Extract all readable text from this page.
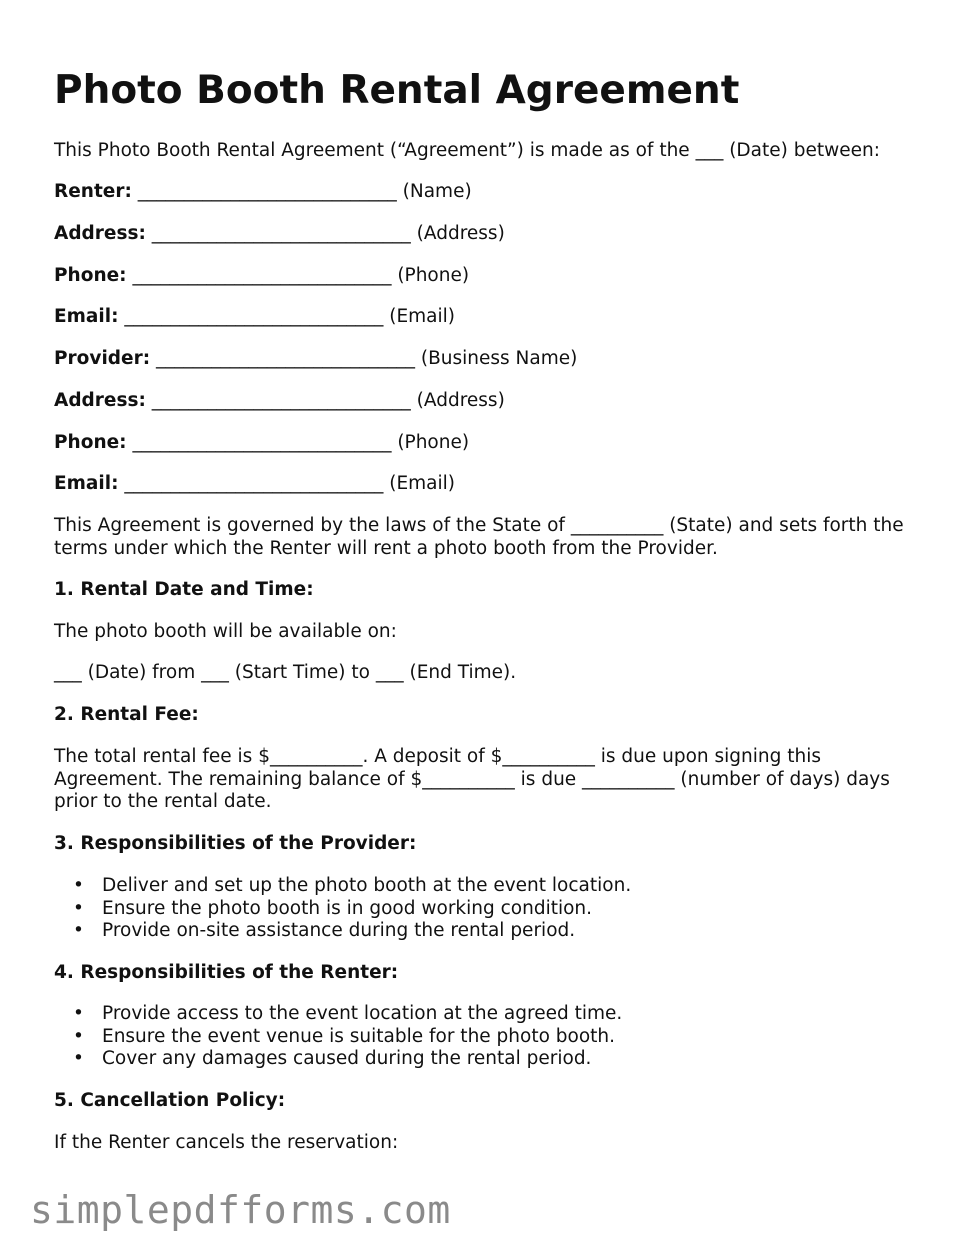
Photo Booth Rental Agreement
This Photo Booth Rental Agreement (“Agreement”) is made as of the ___ (Date) between:
Renter: ____________________________ (Name)
Address: ____________________________ (Address)
Phone: ____________________________ (Phone)
Email: ____________________________ (Email)
Provider: ____________________________ (Business Name)
Address: ____________________________ (Address)
Phone: ____________________________ (Phone)
Email: ____________________________ (Email)
This Agreement is governed by the laws of the State of __________ (State) and sets forth the terms under which the Renter will rent a photo booth from the Provider.
1. Rental Date and Time:
The photo booth will be available on:
___ (Date) from ___ (Start Time) to ___ (End Time).
2. Rental Fee:
The total rental fee is $__________. A deposit of $__________ is due upon signing this Agreement. The remaining balance of $__________ is due __________ (number of days) days prior to the rental date.
3. Responsibilities of the Provider:
• Deliver and set up the photo booth at the event location.
• Ensure the photo booth is in good working condition.
• Provide on-site assistance during the rental period.
4. Responsibilities of the Renter:
• Provide access to the event location at the agreed time.
• Ensure the event venue is suitable for the photo booth.
• Cover any damages caused during the rental period.
5. Cancellation Policy:
If the Renter cancels the reservation:
simplepdfforms.com
